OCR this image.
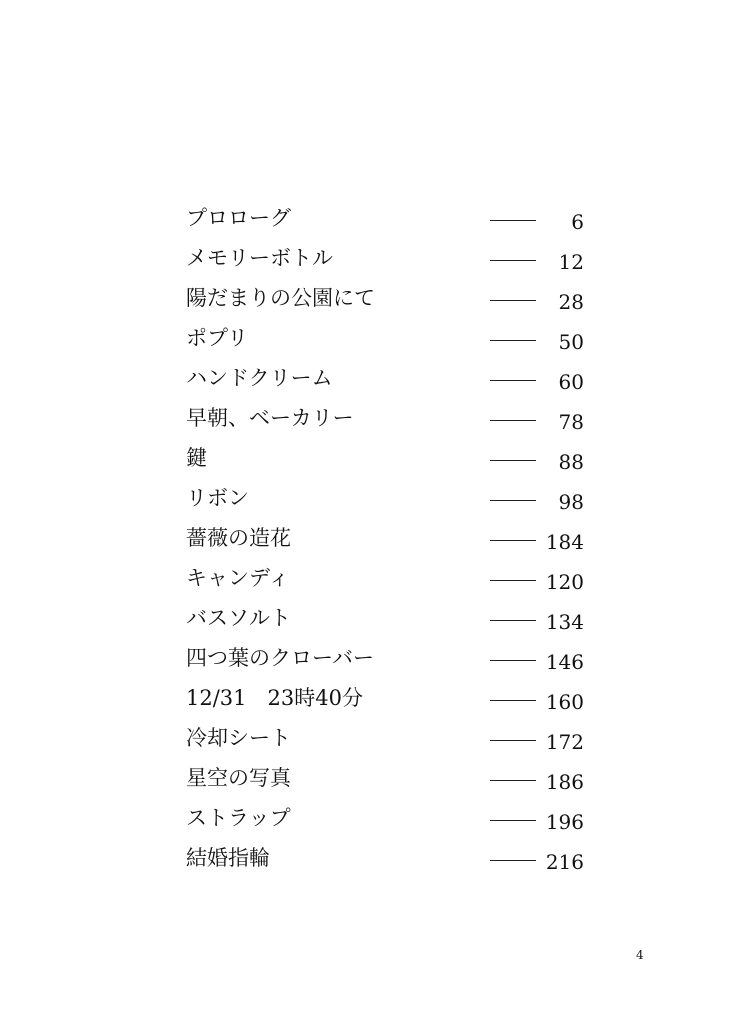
プロローグ	6
メモリーボトル	12
陽だまりの公園にて	28
ポプリ	50
ハンドクリーム	60
早朝、ベーカリー	78
鍵	88
リボン	98
薔薇の造花	184
キャンディ	120
バスソルト	134
四つ葉のクローバー	146
12/31　23時40分	160
冷却シート	172
星空の写真	186
ストラップ	196
結婚指輪	216
4
